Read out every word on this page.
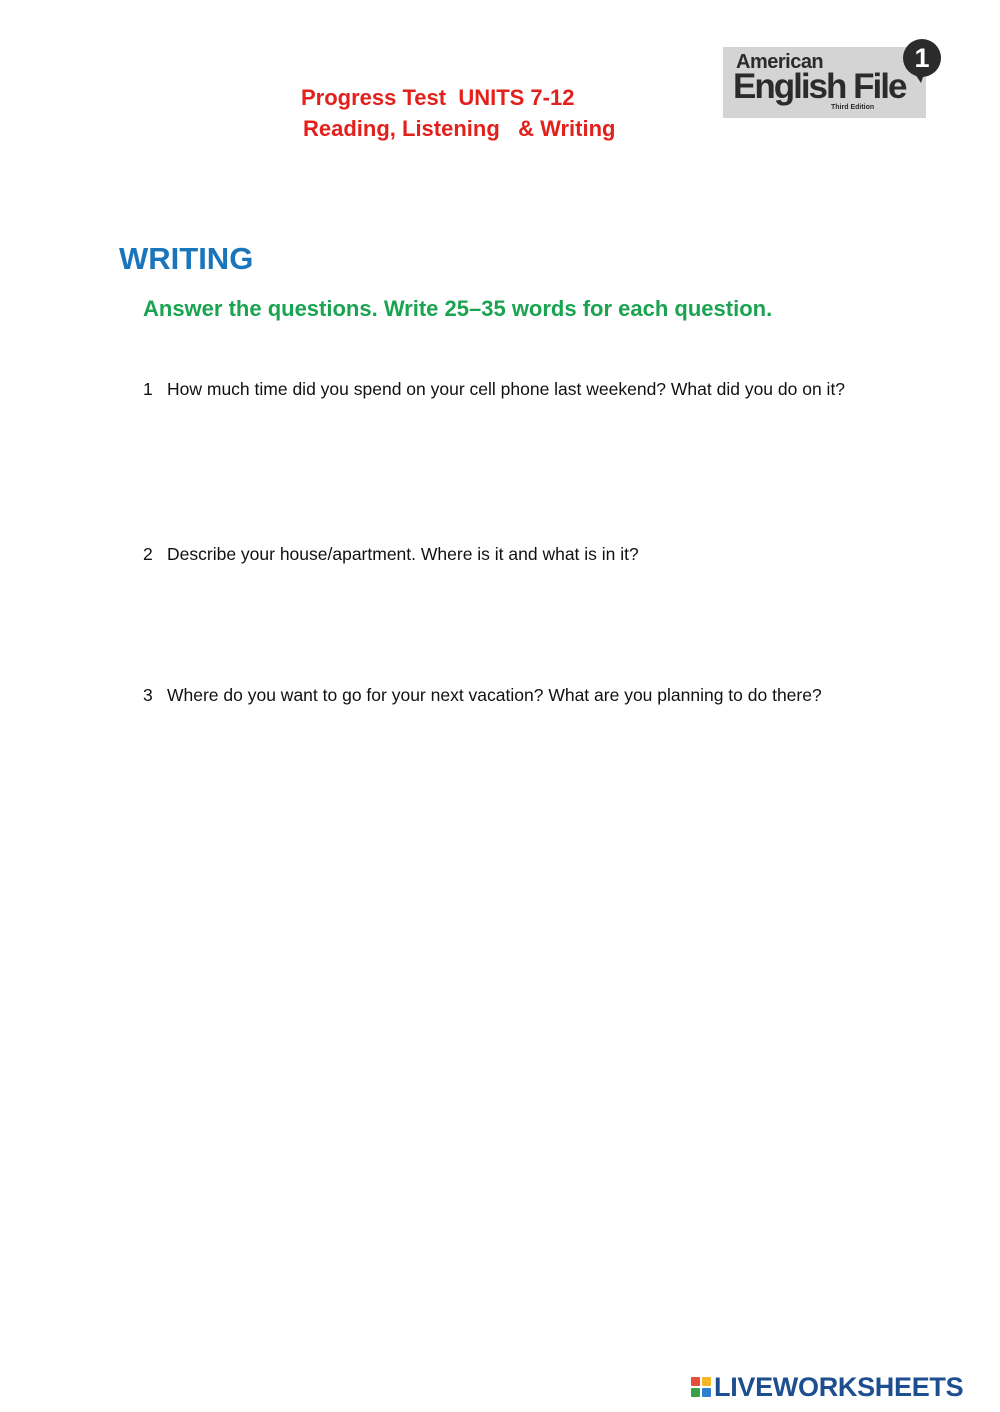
Progress Test  UNITS 7-12
Reading, Listening   & Writing
American
English File
Third Edition
1
WRITING
Answer the questions. Write 25–35 words for each question.
1 How much time did you spend on your cell phone last weekend? What did you do on it?
2 Describe your house/apartment. Where is it and what is in it?
3 Where do you want to go for your next vacation? What are you planning to do there?
LIVEWORKSHEETS
